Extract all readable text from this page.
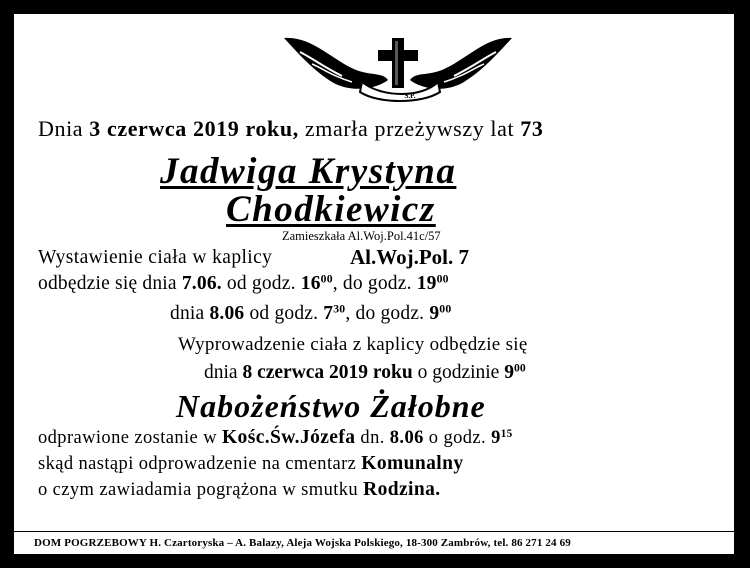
S.P.
Dnia 3 czerwca 2019 roku, zmarła przeżywszy lat 73
Jadwiga Krystyna
Chodkiewicz
Zamieszkała Al.Woj.Pol.41c/57
Wystawienie ciała w kaplicy	Al.Woj.Pol. 7
odbędzie się dnia 7.06. od godz. $16^{00}$, do godz. $19^{00}$
dnia 8.06 od godz. $7^{30}$, do godz. $9^{00}$
Wyprowadzenie ciała z kaplicy odbędzie się
dnia 8 czerwca 2019 roku o godzinie $9^{00}$
Nabożeństwo Żałobne
odprawione zostanie w Kośc.Św.Józefa dn. 8.06 o godz. $9^{15}$
skąd nastąpi odprowadzenie na cmentarz Komunalny
o czym zawiadamia pogrążona w smutku Rodzina.
DOM POGRZEBOWY H. Czartoryska – A. Balazy, Aleja Wojska Polskiego, 18-300 Zambrów, tel. 86 271 24 69
